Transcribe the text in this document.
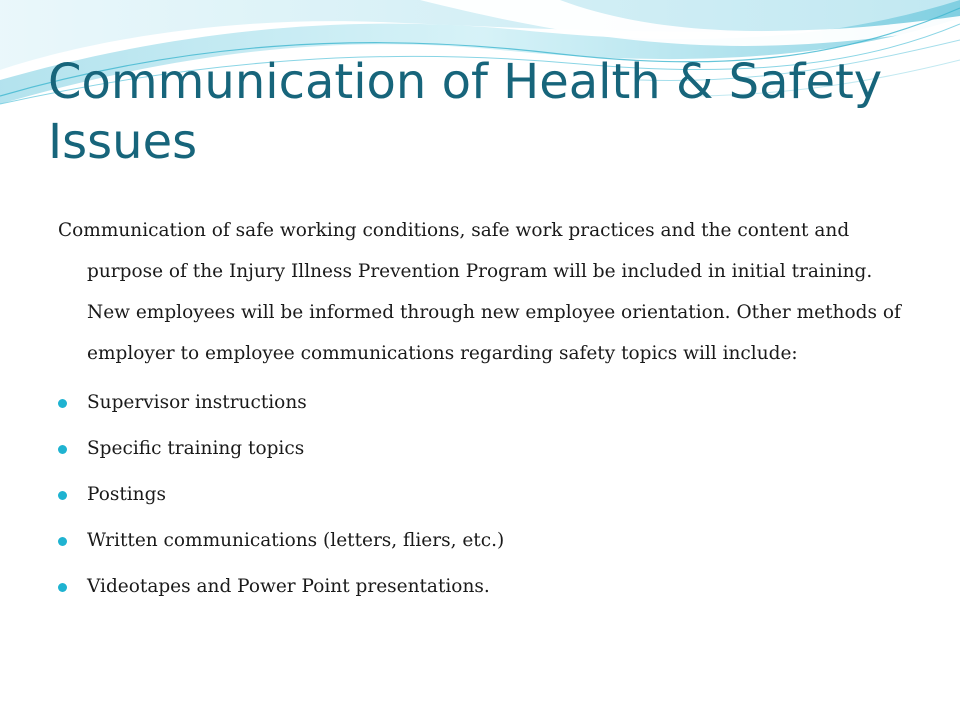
Communication of Health & Safety Issues

Communication of safe working conditions, safe work practices and the content and purpose of the Injury Illness Prevention Program will be included in initial training. New employees will be informed through new employee orientation. Other methods of employer to employee communications regarding safety topics will include:

Supervisor instructions
Specific training topics
Postings
Written communications (letters, fliers, etc.)
Videotapes and Power Point presentations.
